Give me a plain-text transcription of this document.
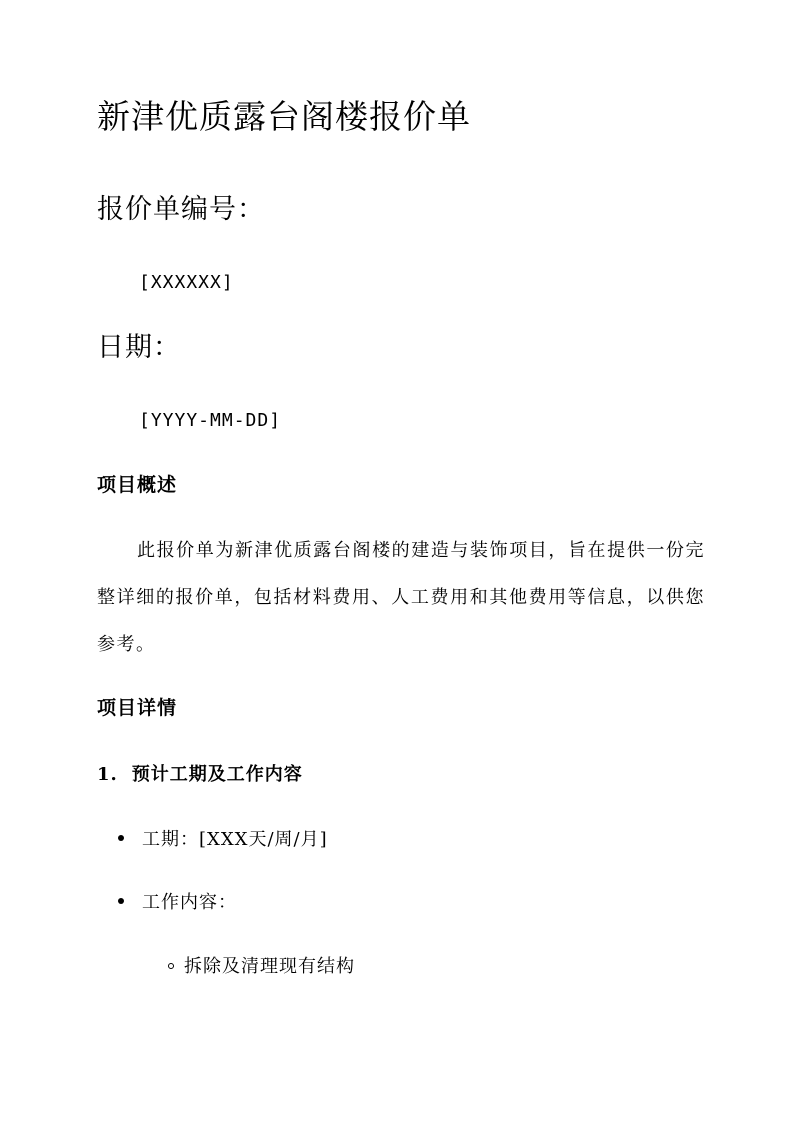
新津优质露台阁楼报价单
报价单编号：
[XXXXXX]
日期：
[YYYY-MM-DD]
项目概述
此报价单为新津优质露台阁楼的建造与装饰项目，旨在提供一份完整详细的报价单，包括材料费用、人工费用和其他费用等信息，以供您参考。
项目详情
1. 预计工期及工作内容
工期：[XXX天/周/月]
工作内容：
拆除及清理现有结构
